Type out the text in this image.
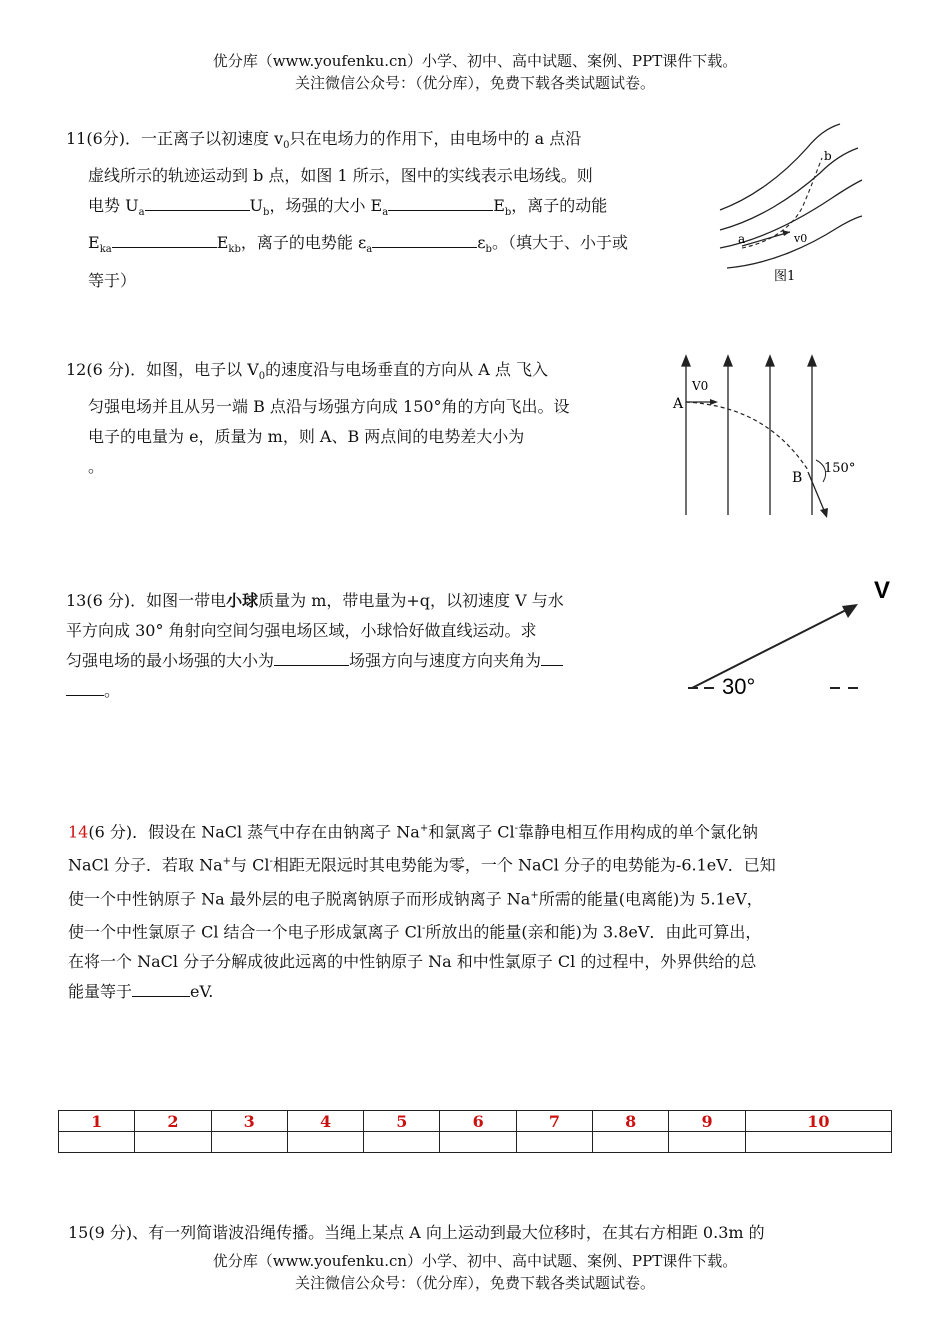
优分库（www.youfenku.cn）小学、初中、高中试题、案例、PPT课件下载。
关注微信公众号：（优分库），免费下载各类试题试卷。

11(6分)．一正离子以初速度 $v_0$只在电场力的作用下，由电场中的 a 点沿

虚线所示的轨迹运动到 b 点，如图 1 所示，图中的实线表示电场线。则

电势 $U_a$	$U_b$，场强的大小 $E_a$	$E_b$，离子的动能

$E_{ka}$	$E_{kb}$，离子的电势能 $\varepsilon_a$	$\varepsilon_b$。（填大于、小于或

等于）

a
b
v0
图1

12(6 分)．如图，电子以 $V_0$的速度沿与电场垂直的方向从 A 点 飞入

匀强电场并且从另一端 B 点沿与场强方向成 150°角的方向飞出。设

电子的电量为 e，质量为 m，则 A、B 两点间的电势差大小为

。

A
V0
B
150°

13(6 分)．如图一带电小球质量为 m，带电量为+q，以初速度 V 与水

平方向成 30° 角射向空间匀强电场区域，小球恰好做直线运动。求

匀强电场的最小场强的大小为	场强方向与速度方向夹角为

。	30°
V

14(6 分)．假设在 NaCl 蒸气中存在由钠离子 Na+和氯离子 Cl-靠静电相互作用构成的单个氯化钠

NaCl 分子．若取 Na+与 Cl-相距无限远时其电势能为零，一个 NaCl 分子的电势能为-6.1eV．已知

使一个中性钠原子 Na 最外层的电子脱离钠原子而形成钠离子 Na+所需的能量(电离能)为 5.1eV，

使一个中性氯原子 Cl 结合一个电子形成氯离子 Cl-所放出的能量(亲和能)为 3.8eV．由此可算出，

在将一个 NaCl 分子分解成彼此远离的中性钠原子 Na 和中性氯原子 Cl 的过程中，外界供给的总

能量等于	eV.

1	2	3	4	5	6	7	8	9	10

15(9 分)、有一列简谐波沿绳传播。当绳上某点 A 向上运动到最大位移时，在其右方相距 0.3m 的

优分库（www.youfenku.cn）小学、初中、高中试题、案例、PPT课件下载。
关注微信公众号：（优分库），免费下载各类试题试卷。
